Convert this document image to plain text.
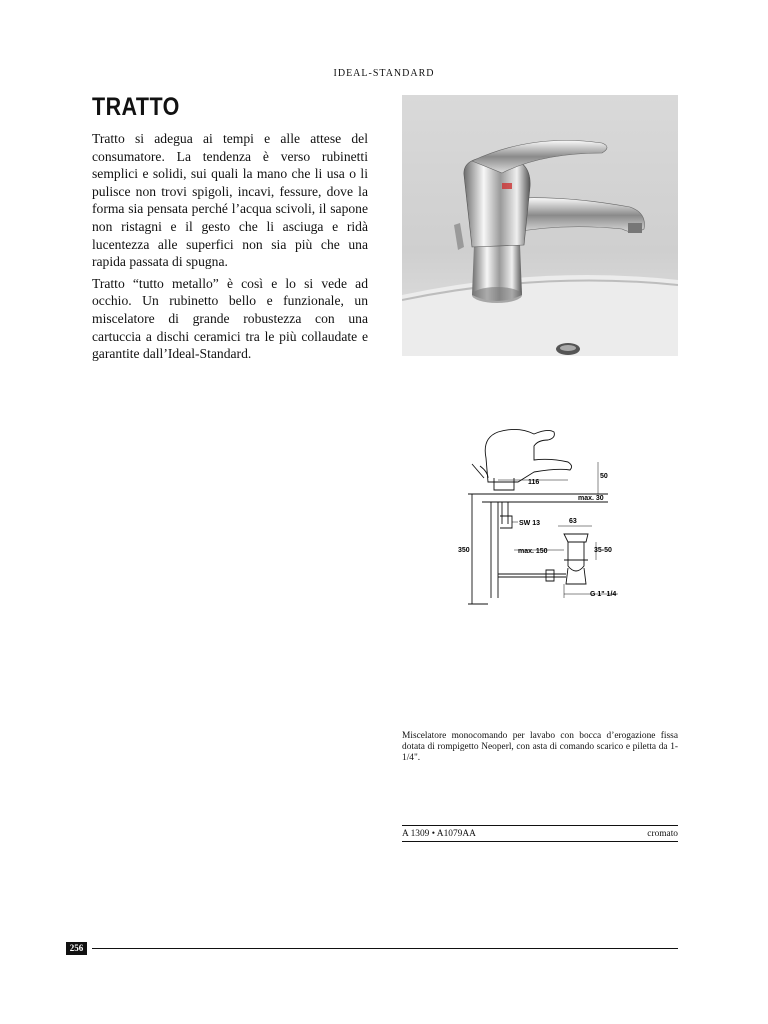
IDEAL-STANDARD
TRATTO

Tratto si adegua ai tempi e alle attese del consumatore. La tendenza è verso rubinetti semplici e solidi, sui quali la mano che li usa o li pulisce non trovi spigoli, incavi, fessure, dove la forma sia pensata perché l’acqua scivoli, il sapone non ristagni e il gesto che li asciuga e ridà lucentezza alle superfici non sia più che una rapida passata di spugna.

Tratto “tutto metallo” è così e lo si vede ad occhio. Un rubinetto bello e funzionale, un miscelatore di grande robustezza con una cartuccia a dischi ceramici tra le più collaudate e garantite dall’Ideal-Standard.

116
50
max. 30
SW 13	63
350	max. 150	35-50
G 1" 1/4
Miscelatore monocomando per lavabo con bocca d’erogazione fissa dotata di rompigetto Neoperl, con asta di comando scarico e piletta da 1-1/4".
A 1309 • A1079AA	cromato
256
